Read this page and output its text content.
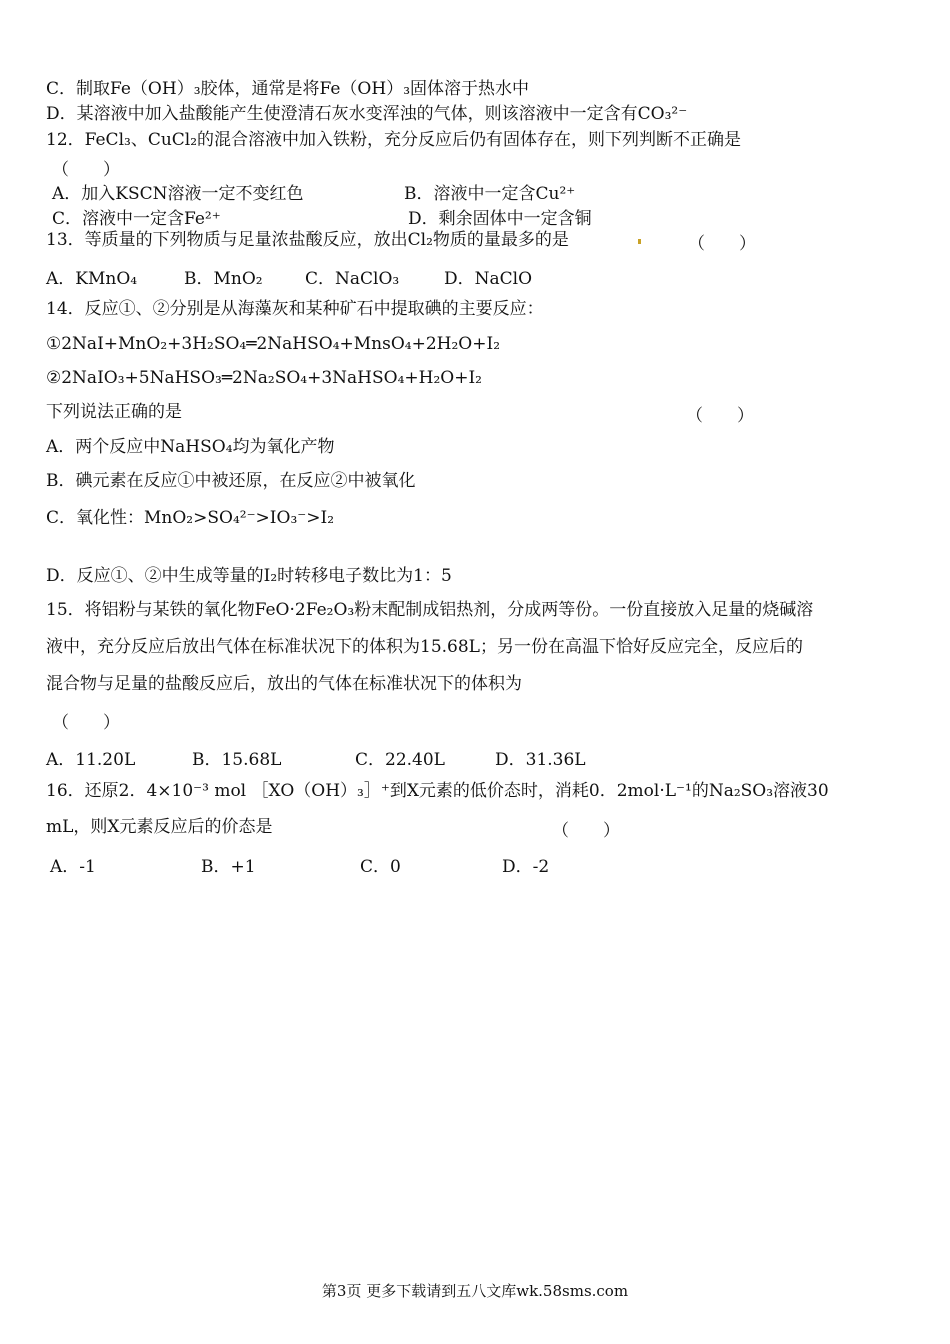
C．制取Fe（OH）₃胶体，通常是将Fe（OH）₃固体溶于热水中
D．某溶液中加入盐酸能产生使澄清石灰水变浑浊的气体，则该溶液中一定含有CO₃²⁻
12．FeCl₃、CuCl₂的混合溶液中加入铁粉，充分反应后仍有固体存在，则下列判断不正确是
（　　）
A．加入KSCN溶液一定不变红色	B．溶液中一定含Cu²⁺
C．溶液中一定含Fe²⁺	D．剩余固体中一定含铜
13．等质量的下列物质与足量浓盐酸反应，放出Cl₂物质的量最多的是	（　　）
A．KMnO₄	B．MnO₂ C．NaClO₃	D．NaClO
14．反应①、②分别是从海藻灰和某种矿石中提取碘的主要反应：
①2NaI+MnO₂+3H₂SO₄═2NaHSO₄+MnsO₄+2H₂O+I₂
②2NaIO₃+5NaHSO₃═2Na₂SO₄+3NaHSO₄+H₂O+I₂
下列说法正确的是	（　　）
A．两个反应中NaHSO₄均为氧化产物
B．碘元素在反应①中被还原，在反应②中被氧化
C．氧化性：MnO₂>SO₄²⁻>IO₃⁻>I₂
D．反应①、②中生成等量的I₂时转移电子数比为1：5
15．将铝粉与某铁的氧化物FeO·2Fe₂O₃粉末配制成铝热剂，分成两等份。一份直接放入足量的烧碱溶
液中，充分反应后放出气体在标准状况下的体积为15.68L；另一份在高温下恰好反应完全，反应后的
混合物与足量的盐酸反应后，放出的气体在标准状况下的体积为
（　　）
A．11.20L	B．15.68L	C．22.40L	D．31.36L
16．还原2．4×10⁻³ mol ［XO（OH）₃］⁺到X元素的低价态时，消耗0．2mol·L⁻¹的Na₂SO₃溶液30
mL，则X元素反应后的价态是	（　　）
A．-1	B．+1	C．0	D．-2
第3页 更多下载请到五八文库wk.58sms.com
